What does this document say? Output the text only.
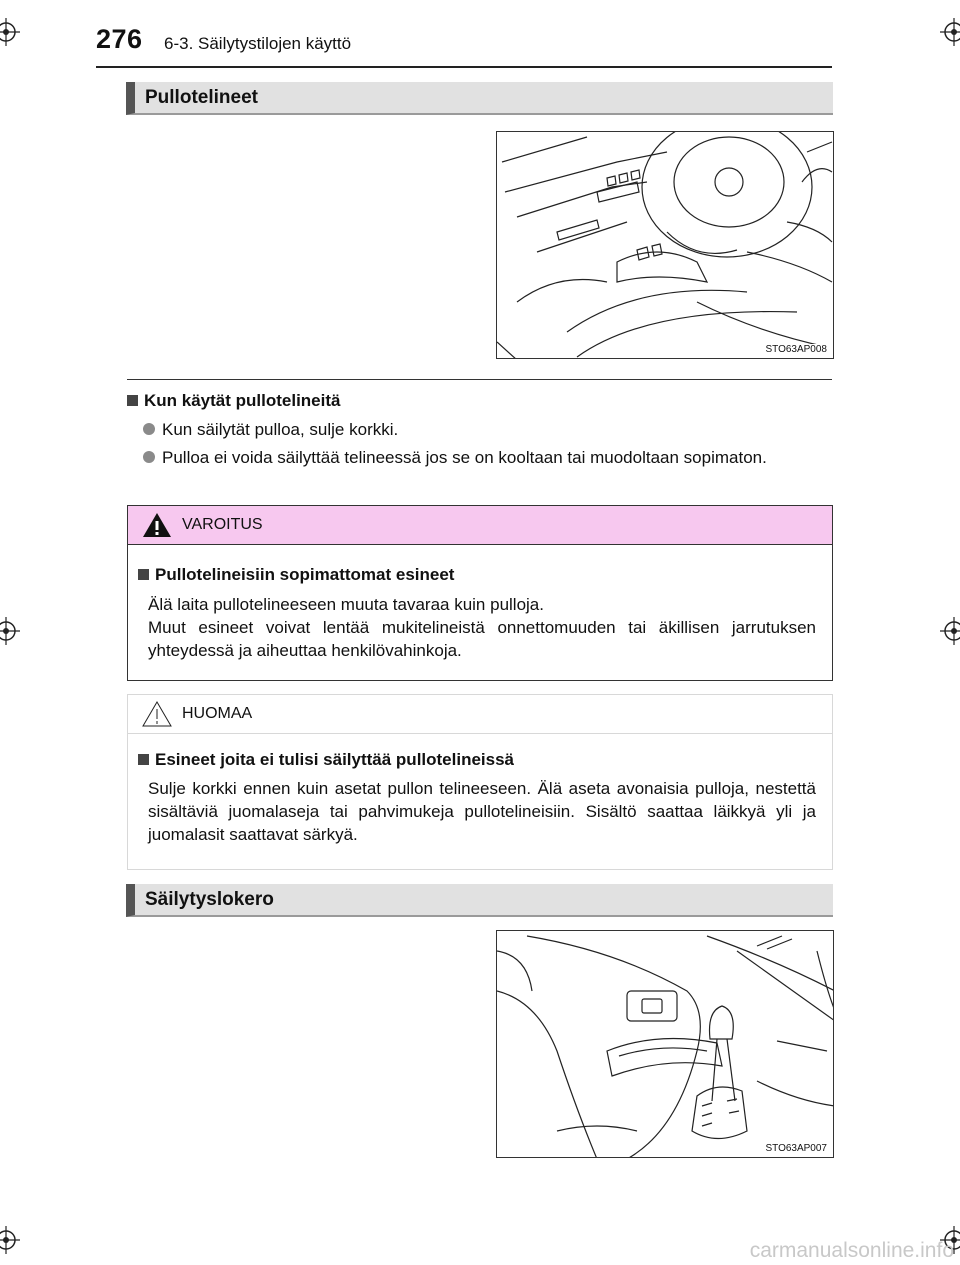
276 6-3. Säilytystilojen käyttö
Pullotelineet
STO63AP008
Kun käytät pullotelineitä
Kun säilytät pulloa, sulje korkki.
Pulloa ei voida säilyttää telineessä jos se on kooltaan tai muodoltaan sopimaton.
VAROITUS
Pullotelineisiin sopimattomat esineet
Älä laita pullotelineeseen muuta tavaraa kuin pulloja.
Muut esineet voivat lentää mukitelineistä onnettomuuden tai äkillisen jarrutuksen yhteydessä ja aiheuttaa henkilövahinkoja.
HUOMAA
Esineet joita ei tulisi säilyttää pullotelineissä
Sulje korkki ennen kuin asetat pullon telineeseen. Älä aseta avonaisia pulloja, nestettä sisältäviä juomalaseja tai pahvimukeja pullotelineisiin. Sisältö saattaa läikkyä yli ja juomalasit saattavat särkyä.
Säilytyslokero
STO63AP007
carmanualsonline.info
